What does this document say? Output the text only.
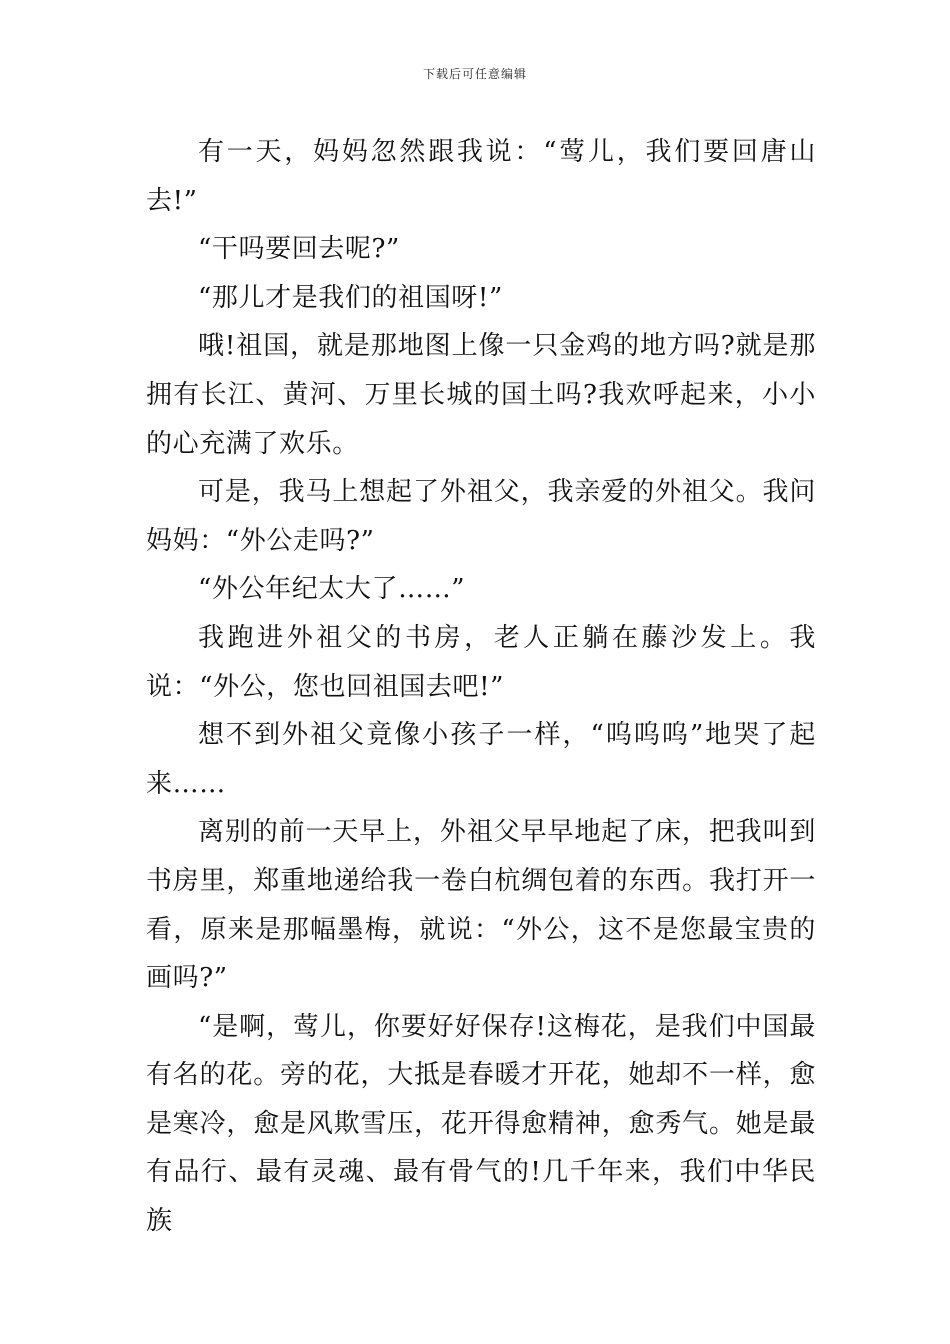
下载后可任意编辑

有一天，妈妈忽然跟我说：“莺儿，我们要回唐山去!”

“干吗要回去呢?”

“那儿才是我们的祖国呀!”

哦!祖国，就是那地图上像一只金鸡的地方吗?就是那拥有长江、黄河、万里长城的国土吗?我欢呼起来，小小的心充满了欢乐。

可是，我马上想起了外祖父，我亲爱的外祖父。我问妈妈：“外公走吗?”

“外公年纪太大了……”

我跑进外祖父的书房，老人正躺在藤沙发上。我说：“外公，您也回祖国去吧!”

想不到外祖父竟像小孩子一样，“呜呜呜”地哭了起来……

离别的前一天早上，外祖父早早地起了床，把我叫到书房里，郑重地递给我一卷白杭绸包着的东西。我打开一看，原来是那幅墨梅，就说：“外公，这不是您最宝贵的画吗?”

“是啊，莺儿，你要好好保存!这梅花，是我们中国最有名的花。旁的花，大抵是春暖才开花，她却不一样，愈是寒冷，愈是风欺雪压，花开得愈精神，愈秀气。她是最有品行、最有灵魂、最有骨气的!几千年来，我们中华民族
